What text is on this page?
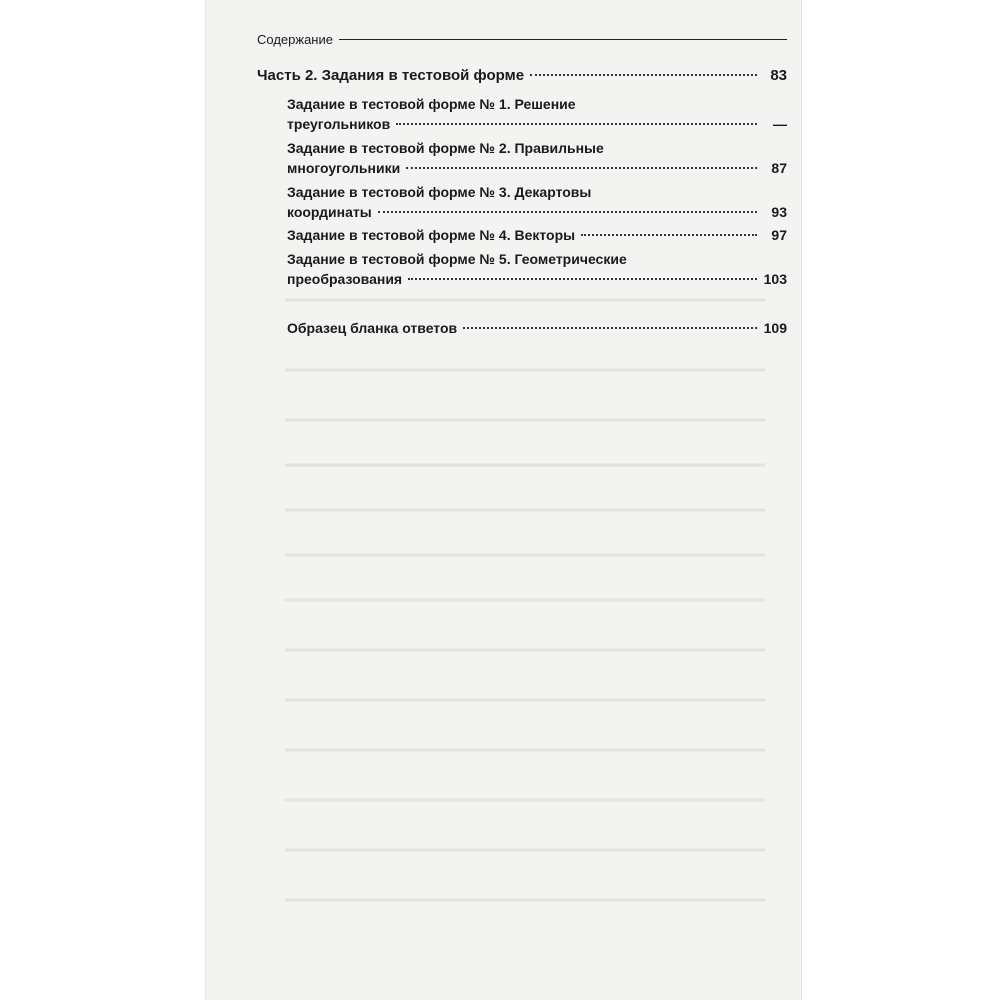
Содержание
Часть 2. Задания в тестовой форме	83
Задание в тестовой форме № 1. Решение
треугольников	—
Задание в тестовой форме № 2. Правильные
многоугольники	87
Задание в тестовой форме № 3. Декартовы
координаты	93
Задание в тестовой форме № 4. Векторы	97
Задание в тестовой форме № 5. Геометрические
преобразования	103
Образец бланка ответов	109
